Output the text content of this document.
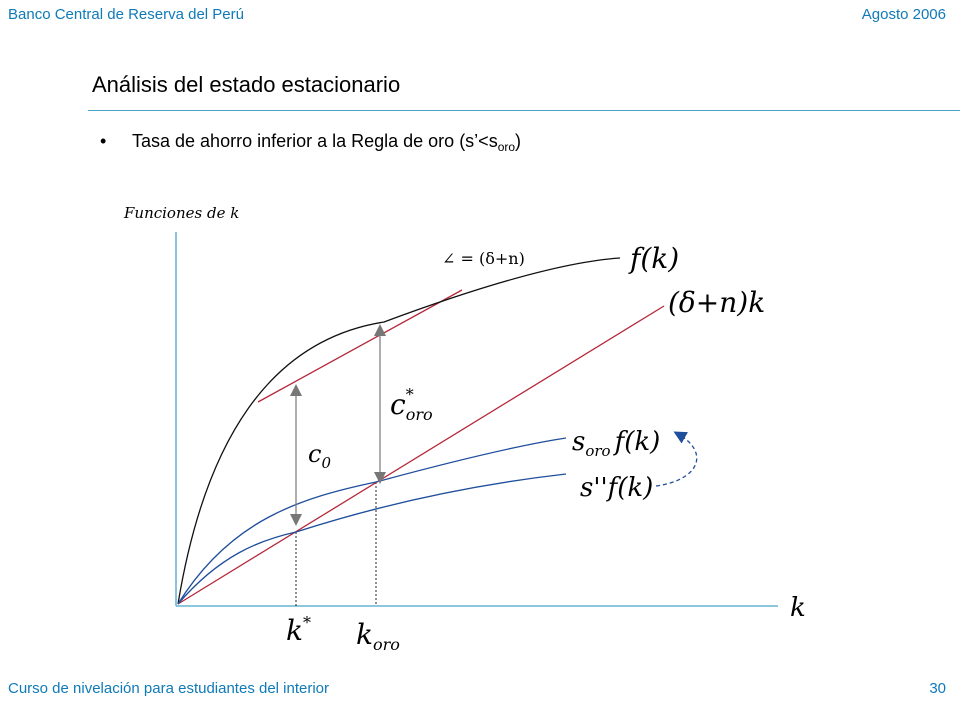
Banco Central de Reserva del Perú	Agosto 2006
Análisis del estado estacionario
• Tasa de ahorro inferior a la Regla de oro $(s’<s_{oro})$
Funciones de k
k
f(k)
(δ+n)k
∠ = (δ+n)
$s_{oro}$ f(k)
s''f(k)
c* oro
$c_0$
k* $k_{oro}$
Curso de nivelación para estudiantes del interior	30
